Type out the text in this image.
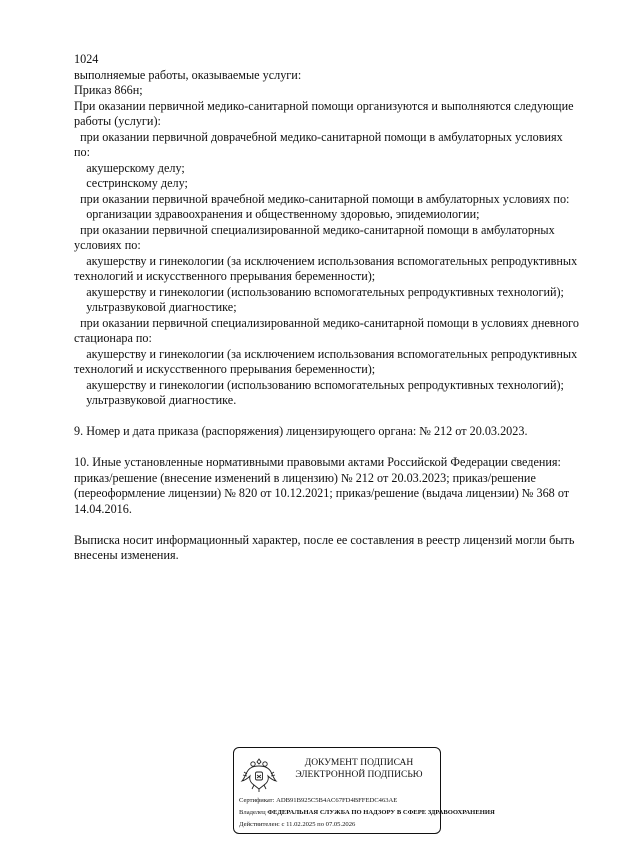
1024
выполняемые работы, оказываемые услуги:
Приказ 866н;
При оказании первичной медико-санитарной помощи организуются и выполняются следующие
работы (услуги):
при оказании первичной доврачебной медико-санитарной помощи в амбулаторных условиях
по:
акушерскому делу;
сестринскому делу;
при оказании первичной врачебной медико-санитарной помощи в амбулаторных условиях по:
организации здравоохранения и общественному здоровью, эпидемиологии;
при оказании первичной специализированной медико-санитарной помощи в амбулаторных
условиях по:
акушерству и гинекологии (за исключением использования вспомогательных репродуктивных
технологий и искусственного прерывания беременности);
акушерству и гинекологии (использованию вспомогательных репродуктивных технологий);
ультразвуковой диагностике;
при оказании первичной специализированной медико-санитарной помощи в условиях дневного
стационара по:
акушерству и гинекологии (за исключением использования вспомогательных репродуктивных
технологий и искусственного прерывания беременности);
акушерству и гинекологии (использованию вспомогательных репродуктивных технологий);
ультразвуковой диагностике.
9. Номер и дата приказа (распоряжения) лицензирующего органа: № 212 от 20.03.2023.
10. Иные установленные нормативными правовыми актами Российской Федерации сведения:
приказ/решение (внесение изменений в лицензию) № 212 от 20.03.2023; приказ/решение
(переоформление лицензии) № 820 от 10.12.2021; приказ/решение (выдача лицензии) № 368 от
14.04.2016.
Выписка носит информационный характер, после ее составления в реестр лицензий могли быть
внесены изменения.
ДОКУМЕНТ ПОДПИСАН
ЭЛЕКТРОННОЙ ПОДПИСЬЮ
Сертификат: ADB91B925C5B4AC67FD4BFFEDC463AE
Владелец ФЕДЕРАЛЬНАЯ СЛУЖБА ПО НАДЗОРУ В СФЕРЕ ЗДРАВООХРАНЕНИЯ
Действителен: с 11.02.2025 по 07.05.2026
